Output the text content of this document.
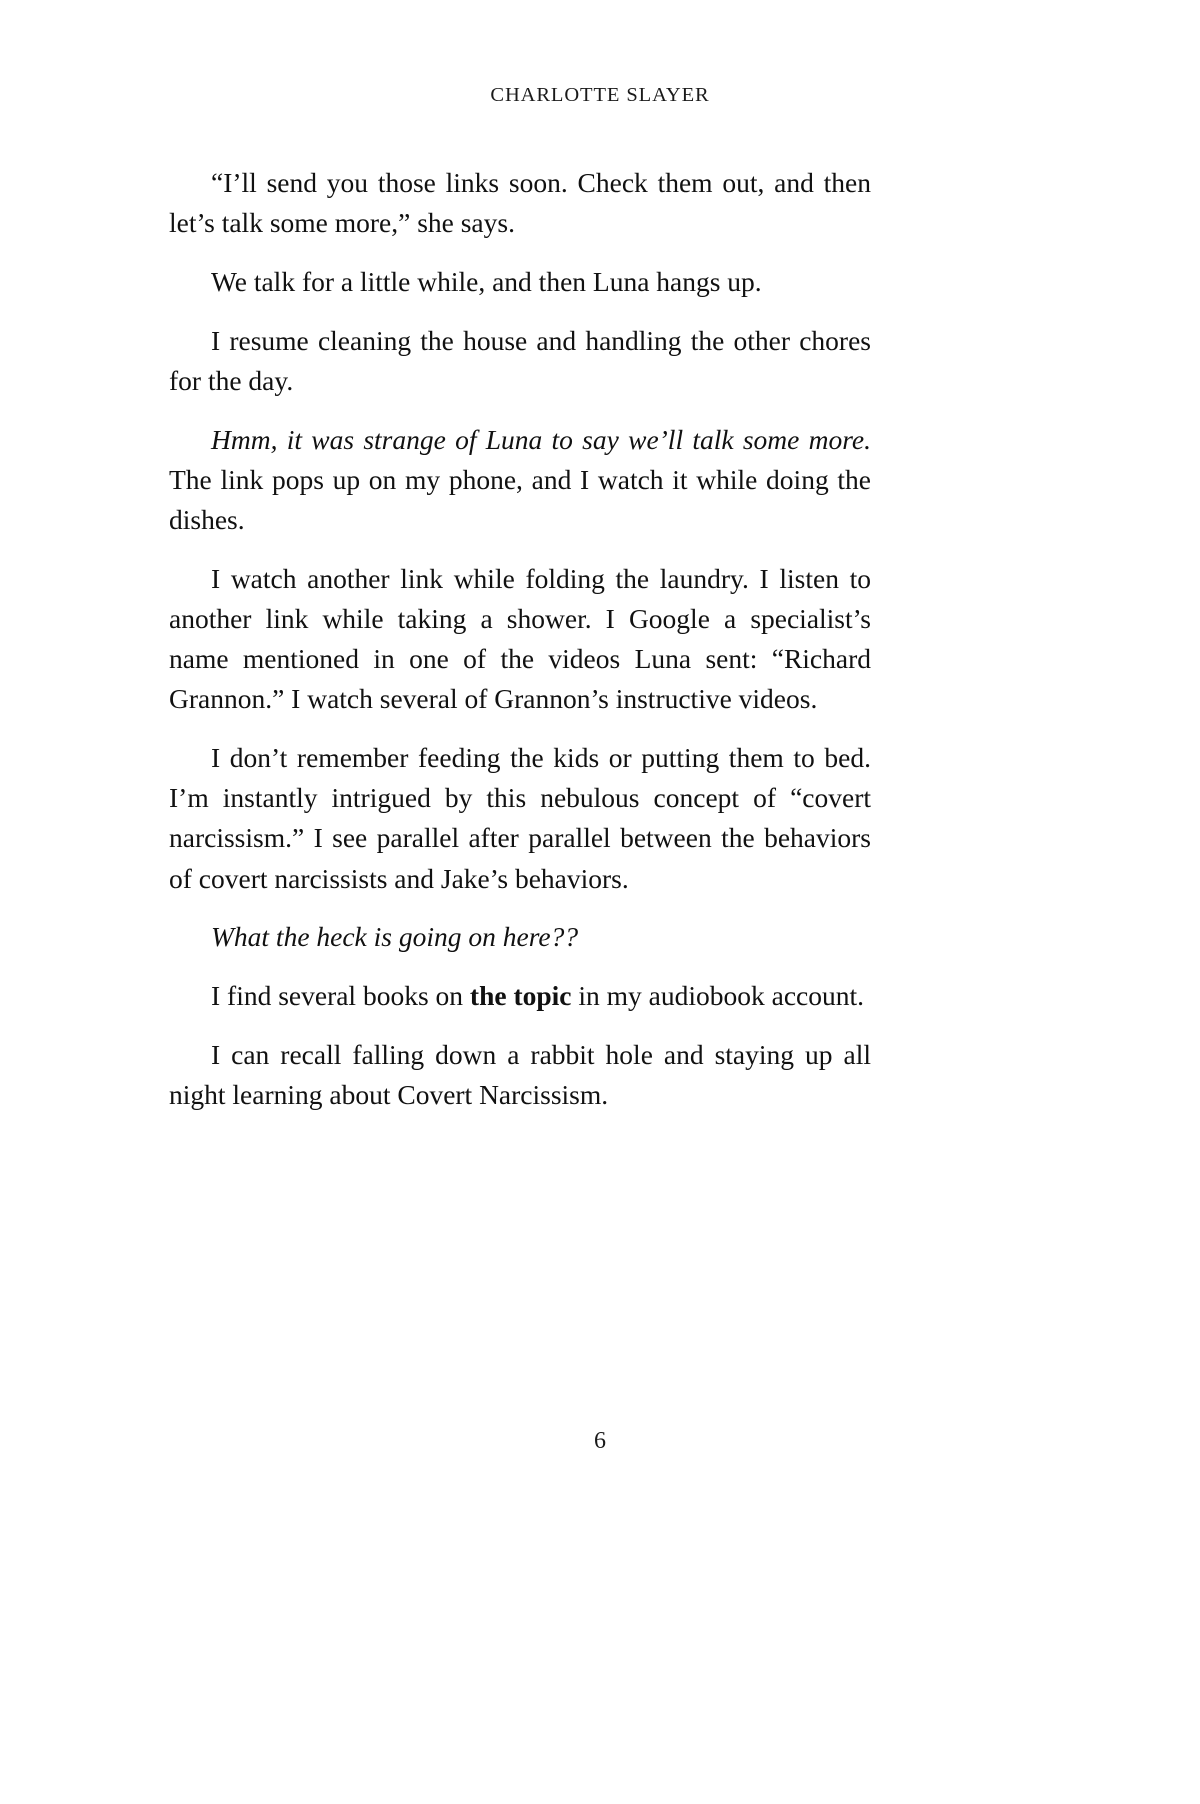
CHARLOTTE SLAYER

“I’ll send you those links soon. Check them out, and then let’s talk some more,” she says.

We talk for a little while, and then Luna hangs up.

I resume cleaning the house and handling the other chores for the day.

Hmm, it was strange of Luna to say we’ll talk some more. The link pops up on my phone, and I watch it while doing the dishes.

I watch another link while folding the laundry. I listen to another link while taking a shower. I Google a specialist’s name mentioned in one of the videos Luna sent: “Richard Grannon.” I watch several of Grannon’s instructive videos.

I don’t remember feeding the kids or putting them to bed. I’m instantly intrigued by this nebulous concept of “covert narcissism.” I see parallel after parallel between the behaviors of covert narcissists and Jake’s behaviors.

What the heck is going on here??

I find several books on the topic in my audiobook account.

I can recall falling down a rabbit hole and staying up all night learning about Covert Narcissism.

6
